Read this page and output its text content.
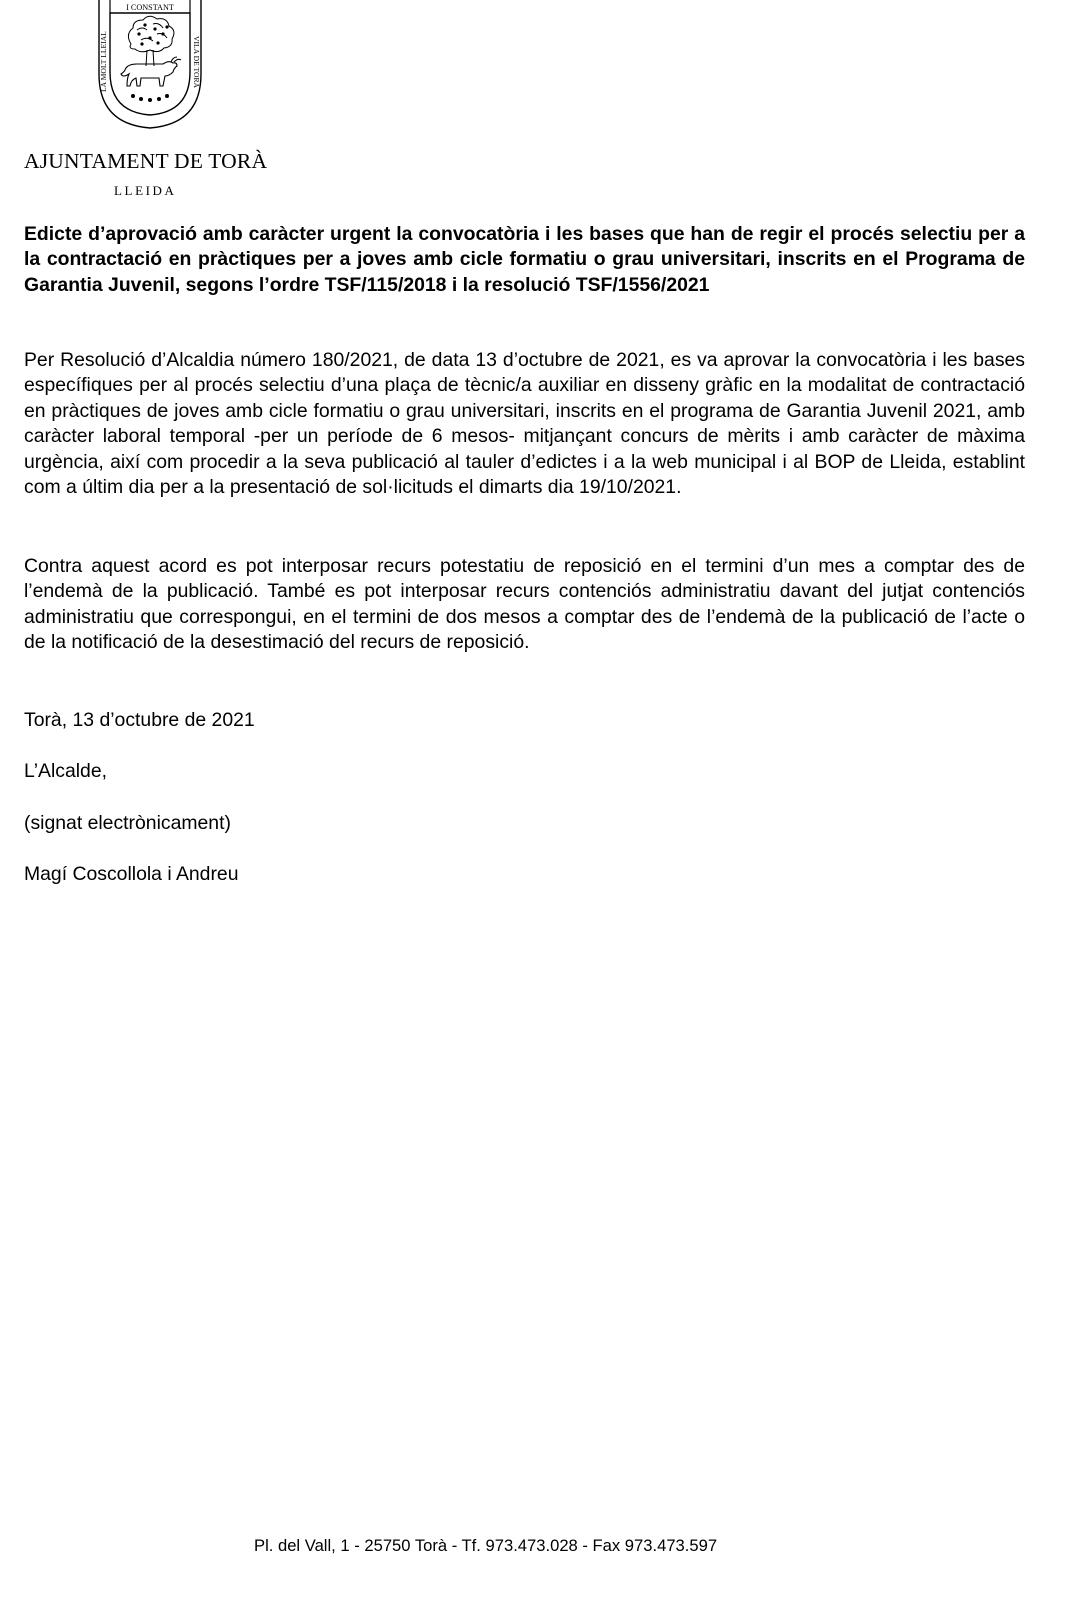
I CONSTANT
LA MOLT LLEIAL	VILA DE TORÀ
AJUNTAMENT DE TORÀ
LLEIDA
Edicte d’aprovació amb caràcter urgent la convocatòria i les bases que han de regir el procés selectiu per a la contractació en pràctiques per a joves amb cicle formatiu o grau universitari, inscrits en el Programa de Garantia Juvenil, segons l’ordre TSF/115/2018 i la resolució TSF/1556/2021
Per Resolució d’Alcaldia número 180/2021, de data 13 d’octubre de 2021, es va aprovar la convocatòria i les bases específiques per al procés selectiu d’una plaça de tècnic/a auxiliar en disseny gràfic en la modalitat de contractació en pràctiques de joves amb cicle formatiu o grau universitari, inscrits en el programa de Garantia Juvenil 2021, amb caràcter laboral temporal -per un període de 6 mesos- mitjançant concurs de mèrits i amb caràcter de màxima urgència, així com procedir a la seva publicació al tauler d’edictes i a la web municipal i al BOP de Lleida, establint com a últim dia per a la presentació de sol·licituds el dimarts dia 19/10/2021.
Contra aquest acord es pot interposar recurs potestatiu de reposició en el termini d’un mes a comptar des de l’endemà de la publicació. També es pot interposar recurs contenciós administratiu davant del jutjat contenciós administratiu que correspongui, en el termini de dos mesos a comptar des de l’endemà de la publicació de l’acte o de la notificació de la desestimació del recurs de reposició.
Torà, 13 d’octubre de 2021
L’Alcalde,
(signat electrònicament)
Magí Coscollola i Andreu
Pl. del Vall, 1 - 25750 Torà - Tf. 973.473.028 - Fax 973.473.597
